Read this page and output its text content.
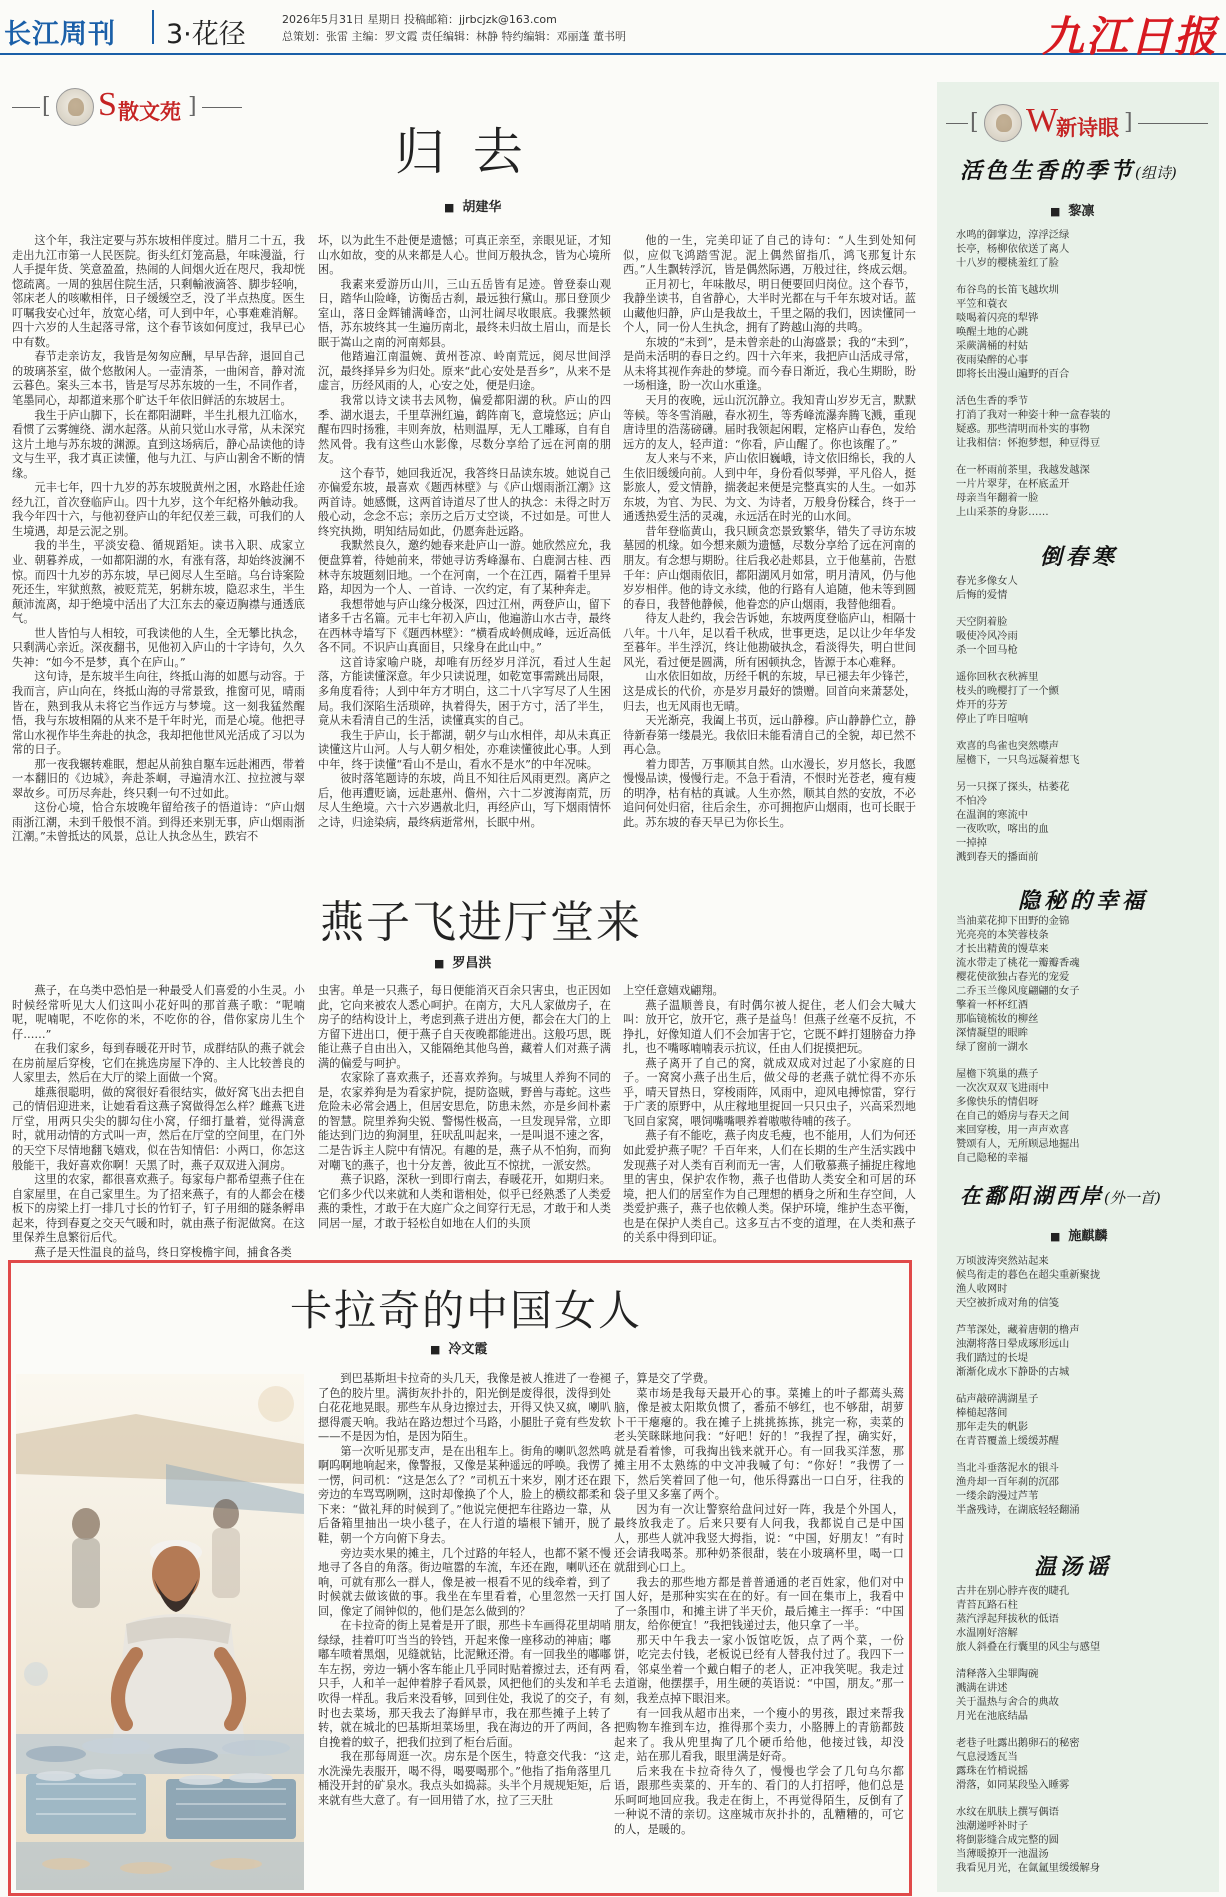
长江周刊 3·花径	2026年5月31日 星期日 投稿邮箱：jjrbcjzk@163.com
总策划：张雷 主编：罗文霞 责任编辑：林静 特约编辑：邓丽蓬 董书明	九江日报
[ S 散文苑 ]
归 去
■ 胡建华

这个年，我注定要与苏东坡相伴度过。腊月二十五，我走出九江市第一人民医院。街头红灯笼高悬，年味漫溢，行人手提年货、笑意盈盈，热闹的人间烟火近在咫尺，我却恍惚疏离。一周的独居住院生活，只剩輸液滴答、脚步轻响，邻床老人的咳嗽相伴，日子缓缓空乏，没了半点热度。医生叮嘱我安心过年，放宽心绪，可人到中年，心事难难消解。四十六岁的人生起落寻常，这个春节该如何度过，我早已心中有数。

春节走亲访友，我皆是匆匆应酬，早早告辞，退回自己的玻璃茶室，做个悠散闲人。一壶清茶，一曲闲音，静对流云暮色。案头三本书，皆是写尽苏东坡的一生，不同作者，笔墨同心，却都道来那个旷达千年依旧鲜活的东坡居士。

我生于庐山脚下，长在都阳湖畔，半生扎根九江临水，看惯了云雾缠绕、湖水起落。从前只觉山水寻常，从未深究这片土地与苏东坡的渊源。直到这场病后，静心品读他的诗文与生平，我才真正读懂，他与九江、与庐山割舍不断的情缘。

元丰七年，四十九岁的苏东坡脱黄州之困，水路赴任途经九江，首次登临庐山。四十九岁，这个年纪格外触动我。我今年四十六，与他初登庐山的年纪仅差三载，可我们的人生境遇，却是云泥之别。

我的半生，平淡安稳、循规蹈矩。读书入职、成家立业、朝暮养成，一如都阳湖的水，有涨有落，却始终波澜不惊。而四十九岁的苏东坡，早已阅尽人生至暗。乌台诗案险死还生，牢狱煎熬，被贬荒芜，躬耕东坡，隐忍求生，半生颠沛流离，却于绝境中活出了大江东去的豪迈胸襟与通透底气。

世人皆怕与人相较，可我读他的人生，全无攀比执念，只剩满心亲近。深夜翻书，见他初入庐山的十字诗句，久久失神：“如今不是梦，真个在庐山。”

这句诗，是东坡半生向往，终抵山海的如愿与动容。于我而言，庐山向在，终抵山海的寻常景致，推窗可见，晴雨皆在，熟到我从未将它当作远方与梦境。这一刻我猛然醒悟，我与东坡相隔的从来不是千年时光，而是心境。他把寻常山水视作毕生奔赴的执念，我却把他世风光活成了习以为常的日子。

那一夜我辗转难眠，想起从前独自駆车远赴湘西，带着一本翻旧的《边城》，奔赴茶峒，寻遍清水江、拉拉渡与翠翠故乡。可历尽奔赴，终只剩一句不过如此。

这份心境，恰合东坡晚年留给孩子的悟道诗：“庐山烟雨浙江潮，未到千般恨不消。到得还来别无事，庐山烟雨浙江潮。”未曾抵达的风景，总让人执念丛生，跌宕不

坏，以为此生不赴便是遗憾；可真正亲至，亲眼见证，才知山水如故，变的从来都是人心。世间万般执念，皆为心境所困。

我素来爱游历山川，三山五岳皆有足迹。曾登泰山观日，踏华山险峰，访衡岳古刹，最远独行黛山。那日登顶少室山，落日金辉铺满峰峦，山河壮阔尽收眼底。我骤然顿悟，苏东坡终其一生遍历南北，最终未归故土眉山，而是长眠于嵩山之南的河南郏县。

他踏遍江南温婉、黄州苍凉、岭南荒远，阅尽世间浮沉，最终择异乡为归处。原来“此心安处是吾乡”，从来不是虚言，历经风雨的人，心安之处，便是归途。

我常以诗文读书去风物，偏爱都阳湖的秋。庐山的四季、湖水退去，千里草洲红遍，鹤阵南飞，意境悠远；庐山醒布四时扬雅，丰则奔放，枯则温厚，无人工雕琢，自有自然风骨。我有这些山水影像，尽数分享给了远在河南的朋友。

这个春节，她回我近况，我答终日品读东坡。她说自己亦偏爱东坡，最喜欢《题西林壁》与《庐山烟雨浙江潮》这两首诗。她感慨，这两首诗道尽了世人的执念：未得之时万般心动，念念不忘；亲历之后万丈空谈，不过如是。可世人终究执拗，明知结局如此，仍愿奔赴远路。

我默然良久，邀约她春来赴庐山一游。她欣然应允，我便盘算着，待她前来，带她寻访秀峰瀑布、白鹿洞古桂、西林寺东坡题刻旧地。一个在河南，一个在江西，隔着千里异路，却因为一个人、一首诗、一次约定，有了某种奔走。

我想带她与庐山缘分极深，四过江州，两登庐山，留下诸多千古名篇。元丰七年初入庐山，他遍游山水古寺，最终在西林寺墙写下《题西林壁》：“横看成岭侧成峰，远近高低各不同。不识庐山真面目，只缘身在此山中。”

这首诗家喻户晓，却唯有历经岁月洋沉，看过人生起落，方能读懂深意。年少只读说理，如乾宽事需跳出局限，多角度看待；人到中年方才明白，这二十八字写尽了人生困局。我们深陷生活琐碎，执着得失，困于方寸，活了半生，竟从未看清自己的生活，读懂真实的自己。

我生于庐山，长于都湖，朝夕与山水相伴，却从未真正读懂这片山河。人与人朝夕相处，亦难读懂彼此心事。人到中年，终于读懂“看山不是山，看水不是水”的中年况味。

彼时落笔题诗的东坡，尚且不知往后风雨更烈。离庐之后，他再遭贬谪，远赴惠州、儋州，六十二岁渡海南荒，历尽人生绝境。六十六岁遇赦北归，再经庐山，写下烟雨情怀之诗，归途染病，最终病逝常州，长眠中州。

他的一生，完美印证了自己的诗句：“人生到处知何似，应似飞鸿踏雪泥。泥上偶然留指爪，鸿飞那复计东西。”人生飘转浮沉，皆是偶然际遇，万般过往，终成云烟。

正月初七，年味散尽，明日便要回归岗位。这个春节，我静坐读书，自省静心，大半时光都在与千年东坡对话。蓝山藏他归静，庐山是我故土，千里之隔的我们，因读懂同一个人，同一份人生执念，拥有了跨越山海的共鸣。

东坡的“未到”，是未曾亲赴的山海盛景；我的“未到”，是尚未活明的春日之约。四十六年来，我把庐山活成寻常，从未将其视作奔赴的梦境。而今春日渐近，我心生期盼，盼一场相逢，盼一次山水重逢。

天月的夜晚，远山沉沉静立。我知青山岁岁无言，默默等候。等冬雪消融，春水初生，等秀峰流瀑奔腾飞溅，重现唐诗里的浩荡磅礴。届时我领起闲暇，定格庐山春色，发给远方的友人，轻声道：“你看，庐山醒了。你也该醒了。”

友人来与不来，庐山依旧巍峨，诗文依旧绵长，我的人生依旧缓缓向前。人到中年，身份看似琴弹，平凡俗人，挺影旅人，爱文情静，揣袭起来便是完整真实的人生。一如苏东坡，为官、为民、为文、为诗者，万般身份糅合，终于一通透热爱生活的灵魂，永远活在时光的山水间。

昔年登临黄山，我只顾贪恋景致繁华，错失了寻访东坡墓园的机缘。如今想来颇为遗憾，尽数分享给了远在河南的朋友。有念想与期盼。往后我必赴郏县，立于他墓前，告慰千年：庐山烟雨依旧，都阳湖风月如常，明月清风，仍与他岁岁相伴。他的诗文永续，他的行路有人追随，他未等到圆的春日，我替他静候，他眷恋的庐山烟雨，我替他细看。

待友人赴约，我会告诉她，东坡两度登临庐山，相隔十八年。十八年，足以看千秋成，世事更迭，足以让少年华发至暮年。半生浮沉，终让他勘破执念，看淡得失，明白世间风光，看过便是圆满，所有困顿执念，皆源于本心难释。

山水依旧如故，历经千帆的东坡，早已褪去年少锋芒，这是成长的代价，亦是岁月最好的馈赠。回首向来萧瑟处，归去，也无风雨也无晴。

天光渐亮，我阖上书页，远山静穆。庐山静静伫立，静待新春第一缕晨光。我依旧未能看清自己的全貌，却已然不再心急。

着力即苦，万事顺其自然。山水漫长，岁月悠长，我愿慢慢品读，慢慢行走。不急于看清，不恨时光苍老，瘦有瘦的明净，枯有枯的真诚。人生亦然，顺其自然的安放，不必追问何处归宿，往后余生，亦可拥抱庐山烟雨，也可长眠于此。苏东坡的春天早已为你长生。

燕子飞进厅堂来
■ 罗昌洪

燕子，在乌类中恐怕是一种最受人们喜爱的小生灵。小时候经常听见大人们这叫小花好叫的那首燕子歌：“呢喃呢，呢喃呢，不吃你的米，不吃你的谷，借你家房儿生个仔……”

在我们家乡，每到春暖花开时节，成群结队的燕子就会在房前屋后穿梭，它们在挑选房屋下净的、主人比较善良的人家里去，然后在大厅的梁上面做一个窝。

雄燕很聪明，做的窝很好看很结实，做好窝飞出去把自己的情侣迎进来，让她看看这燕子窝做得怎么样？雌燕飞进厅堂，用两只尖尖的脚勾住小窝，仔细打量着，觉得满意时，就用动情的方式叫一声，然后在厅堂的空间里，在门外的天空下尽情地翻飞嬉戏，似在告知情侣：小两口，你怎这般能干，我好喜欢你啊！天黑了时，燕子双双进入洞房。

这里的农家，都很喜欢燕子。每家每户都希望燕子住在自家屋里，在自己家里生。为了招来燕子，有的人都会在楼板下的房梁上打一排几寸长的竹钉子，钉子用细的隧条孵串起来，待到春夏之交天气暖和时，就由燕子衔泥做窝。在这里保养生息繁衍后代。

燕子是天性温良的益鸟，终日穿梭檐宇间，捕食各类

虫害。单是一只燕子，每日便能消灭百余只害虫，也正因如此，它向来被农人悉心呵护。在南方，大凡人家做房子，在房子的结构设计上，考虑到燕子进出方便，都会在大门的上方留下进出口，便于燕子自天夜晚都能进出。这般巧思，既能让燕子自由出入，又能隔绝其他鸟兽，藏着人们对燕子满满的偏爱与呵护。

农家除了喜欢燕子，还喜欢养狗。与城里人养狗不同的是，农家养狗是为看家护院，提防盗贼，野兽与毒蛇。这些危险未必常会遇上，但居安思危，防患未然，亦是乡间朴素的智慧。院里养狗尖锐、警惕性极高，一旦发现异常，立即能达到门边的狗洞里，狂吠乱叫起来，一是叫退不速之客，二是告诉主人院中有情况。有趣的是，燕子从不怕狗，而狗对嘲飞的燕子，也十分友善，彼此互不惊扰，一派安然。

燕子识路，深秋一到即行南去，春暖花开，如期归来。它们多少代以来就和人类和谐相处，似乎已经熟悉了人类爱燕的秉性，才敢于在大庭广众之间穿行无忌，才敢于和人类同居一屋，才敢于轻松自如地在人们的头顶

上空任意嬉戏翩翔。

燕子温顺善良，有时偶尔被人捉住，老人们会大喊大叫：放开它，放开它，燕子是益鸟！但燕子丝毫不反抗，不挣扎，好像知道人们不会加害于它，它既不衅打翅膀奋力挣扎，也不嘴啄喃喃表示抗议，任由人们捉摸把玩。

燕子离开了自己的窝，就成双成对过起了小家庭的日子。一窝窝小燕子出生后，做父母的老燕子就忙得不亦乐乎，晴天冒热日，穿梭雨阵，风雨中，迎风电搏惊雷，穿行于广袤的原野中，从庄稼地里捉回一只只虫子，兴高采烈地飞回自家窝，喂饲嘴嘴喂养着嗷嗷待哺的孩子。

燕子有不能吃，燕子肉皮毛瘦，也不能用，人们为何还如此爱护燕子呢？千百年来，人们在长期的生产生活实践中发现燕子对人类有百利而无一害，人们敬慕燕子捕捉庄稼地里的害虫，保护农作物，燕子也借助人类安全和可居的环境，把人们的居室作为自己理想的栖身之所和生存空间，人类爱护燕子，燕子也依赖人类。保护环境，维护生态平衡，也是在保护人类自己。这多互古不变的道理，在人类和燕子的关系中得到印证。

卡拉奇的中国女人
■ 冷文霞

到巴基斯坦卡拉奇的头几天，我像是被人推进了一卷褪了色的胶片里。满街灰扑扑的，阳光倒是废得很，泼得到处白花花地晃眼。那些车从身边擦过去，开得又快又疯，喇叭摁得震天响。我站在路边想过个马路，小腿肚子竟有些发软——不是因为怕，是因为陌生。

第一次听见那支声，是在出租车上。街角的喇叭忽然鸣啊呜啊地响起来，像警报，又像是某种遥远的呼唤。我愣了一愣，问司机：“这是怎么了？”司机五十来岁，刚才还在跟旁边的车骂骂咧咧，这时却像换了个人，脸上的横纹都柔和下来：“做礼拜的时候到了。”他说完便把车往路边一靠，从后备箱里抽出一块小毯子，在人行道的墙根下铺开，脱了鞋，朝一个方向俯下身去。

旁边卖水果的摊主，几个过路的年轻人，也都不紧不慢地寻了各自的角落。街边喧嚣的车流，车还在跑，喇叭还在响，可就有那么一群人，像是被一根看不见的线牵着，到了时候就去做该做的事。我坐在车里看着，心里忽然一天打回，像定了闹钟似的，他们是怎么做到的？

在卡拉奇的街上晃着是开了眼，那些卡车画得花里胡哨绿绿，挂着叮叮当当的铃铛，开起来像一座移动的神庙；嘟嘟车喷着黑烟，见缝就钻，比泥鳅还滑。有一回我坐的嘟嘟车左拐，旁边一辆小客车能止几乎同时贴着擦过去，还有两只手，人和羊一起伸着脖子看风景，风把他们的头发和羊毛吹得一样乱。我后来没看够，回到住处，我说了的交子，有时也去菜场，那天我去了海鲜早市，我在那些摊子上转了转，就在城北的巴基斯坦菜场里，我在海边的开了两间，各自挽着的蚊子，把我们拉到了柜台后面。

我在那每周逛一次。房东是个医生，特意交代我：“这水洗澡先表服开，喝不得，喝要喝那个。”他指了指角落里几桶没开封的矿泉水。我点头如捣蒜。头半个月规规矩矩，后来就有些大意了。有一回用错了水，拉了三天肚

子，算是交了学费。

菜市场是我每天最开心的事。菜摊上的叶子都蔫头蔫脑，像是被太阳欺负惯了，番茄不够红，也不够甜，胡萝卜干干瘪瘪的。我在摊子上挑挑拣拣，挑完一称，卖菜的老头笑眯眯地问我：“好吧！好的！”我捏了捏，确实好，就是看着惨，可我掏出钱来就开心。有一回我买洋葱，那摊主用不太熟练的中文冲我喊了句：“你好！”我愣了一下，然后笑着回了他一句，他乐得露出一口白牙，往我的袋子里又多塞了两个。

因为有一次让警察给盘问过好一阵，我是个外国人，最终放我走了。后来只要有人问我，我都说自己是中国人，那些人就冲我竖大拇指，说：“中国，好朋友！”有时还会请我喝茶。那种奶茶很甜，装在小玻璃杯里，喝一口就甜到心口上。

我去的那些地方都是普普通通的老百姓家，他们对中国人好，是那种实实在在的好。有一回在集市上，我看中了一条围巾，和摊主讲了半天价，最后摊主一挥手：“中国朋友，给你便宜！”我把钱递过去，他只拿了一半。

那天中午我去一家小饭馆吃饭，点了两个菜，一份饼，吃完去付钱，老板说已经有人替我付过了。我四下一看，邻桌坐着一个戴白帽子的老人，正冲我笑呢。我走过去道谢，他摆摆手，用生硬的英语说：“中国，朋友。”那一刻，我差点掉下眼泪来。

有一回我从超市出来，一个瘦小的男孩，跟过来帮我把购物车推到车边，推得那个卖力，小胳膊上的青筋都鼓起来了。我从兜里掏了几个硬币给他，他接过钱，却没走，站在那儿看我，眼里满是好奇。

后来我在卡拉奇待久了，慢慢也学会了几句乌尔都语，跟那些卖菜的、开车的、看门的人打招呼，他们总是乐呵呵地回应我。我走在街上，不再觉得陌生，反倒有了一种说不清的亲切。这座城市灰扑扑的，乱糟糟的，可它的人，是暖的。

[ W
新诗眼 ]
活色生香的季节(组诗)
■ 黎凛
水鸣的御掌边，淳浮泛绿
长亭，杨柳依依送了离人
十八岁的樱桃羞红了脸
布谷鸟的长笛飞越坎圳
平笠和蓑衣
啖喝着闪亮的犁铧
唤醒土地的心跳
采蕨满桶的村姑
夜雨染醉的心事
即将长出漫山遍野的百合
活色生香的季节
打消了我对一种姿十种一盒春装的
疑惑。那些清明而朴实的事物
让我相信：怀抱梦想，种豆得豆
在一杯雨前茶里，我越发越深
一片片翠芽，在杯底孟开
母亲当年翻着一脸
上山采茶的身影……
倒春寒
春光多像女人
后悔的爱情
天空阴着脸
吸使冷风冷雨
杀一个回马枪
遥你回秋衣秋裤里
枝头的晚樱打了一个颤
炸开的芬芳
停止了咋日喧响
欢喜的鸟雀也突然噤声
屋檐下，一只鸟远凝着想飞
另一只探了探头，枯萎花
不怕冷
在温润的寒流中
一夜吹吹，喀出的血
一掉掉
溅到春天的播面前
隐秘的幸福
当油菜花抑下田野的金锦
光亮亮的本笑蓉枝条
才长出精黄的馒草来
流水带走了桃花一瓣瓣香魂
樱花使欲独占春光的宠爱
二乔玉兰像风度翩翩的女子
擎着一杯杯红酒
那临镜梳妆的柳丝
深情凝望的眼眸
绿了窗前一湖水
屋檐下筑巢的燕子
一次次双双飞进雨中
多像快乐的情侣呀
在自己的婚房与春天之间
来回穿梭，用一声声欢喜
赞颂有人，无所顾忌地掘出
自己隐秘的幸福
在鄱阳湖西岸(外一首)
■ 施麒麟
万顷波涛突然站起来
候鸟衔走的暮色在超尖重新聚拢
渔人收网时
天空被折成对角的信笺
芦苇深处，藏着唐朝的橹声
浊潮将落日晕成琢形远山
我们踏过的长堤
渐渐化成水下静卧的古城
砧声敲碎满湖星子
棒槌起落间
那年走失的帆影
在青苔覆盖上缓缓苏醒
当北斗垂落泥水的银斗
渔舟却一百年刹的沉邵
一缕余韵漫过芦苇
半盏残诗，在湖底轻轻翻涌
温汤谣
古井在别心脖卉夜的睫孔
青苔瓦路石柱
蒸汽浮起拜拔秋的低语
水温刚好溶解
旅人斜叠在行囊里的风尘与感望
清释落入尘罪陶碗
溅满在讲述
关于温热与舍合的典故
月光在池底结晶
老巷子吐露出鹅卵石的秘密
气息浸透瓦当
露珠在竹梢说摇
滑落，如同某段坠入睡雾
水纹在肌肤上撰写偶语
浊潮递呼补时子
将倒影缝合成完整的圆
当薄暖撩开一池温汤
我看见月光，在氤氲里缓缓解身
